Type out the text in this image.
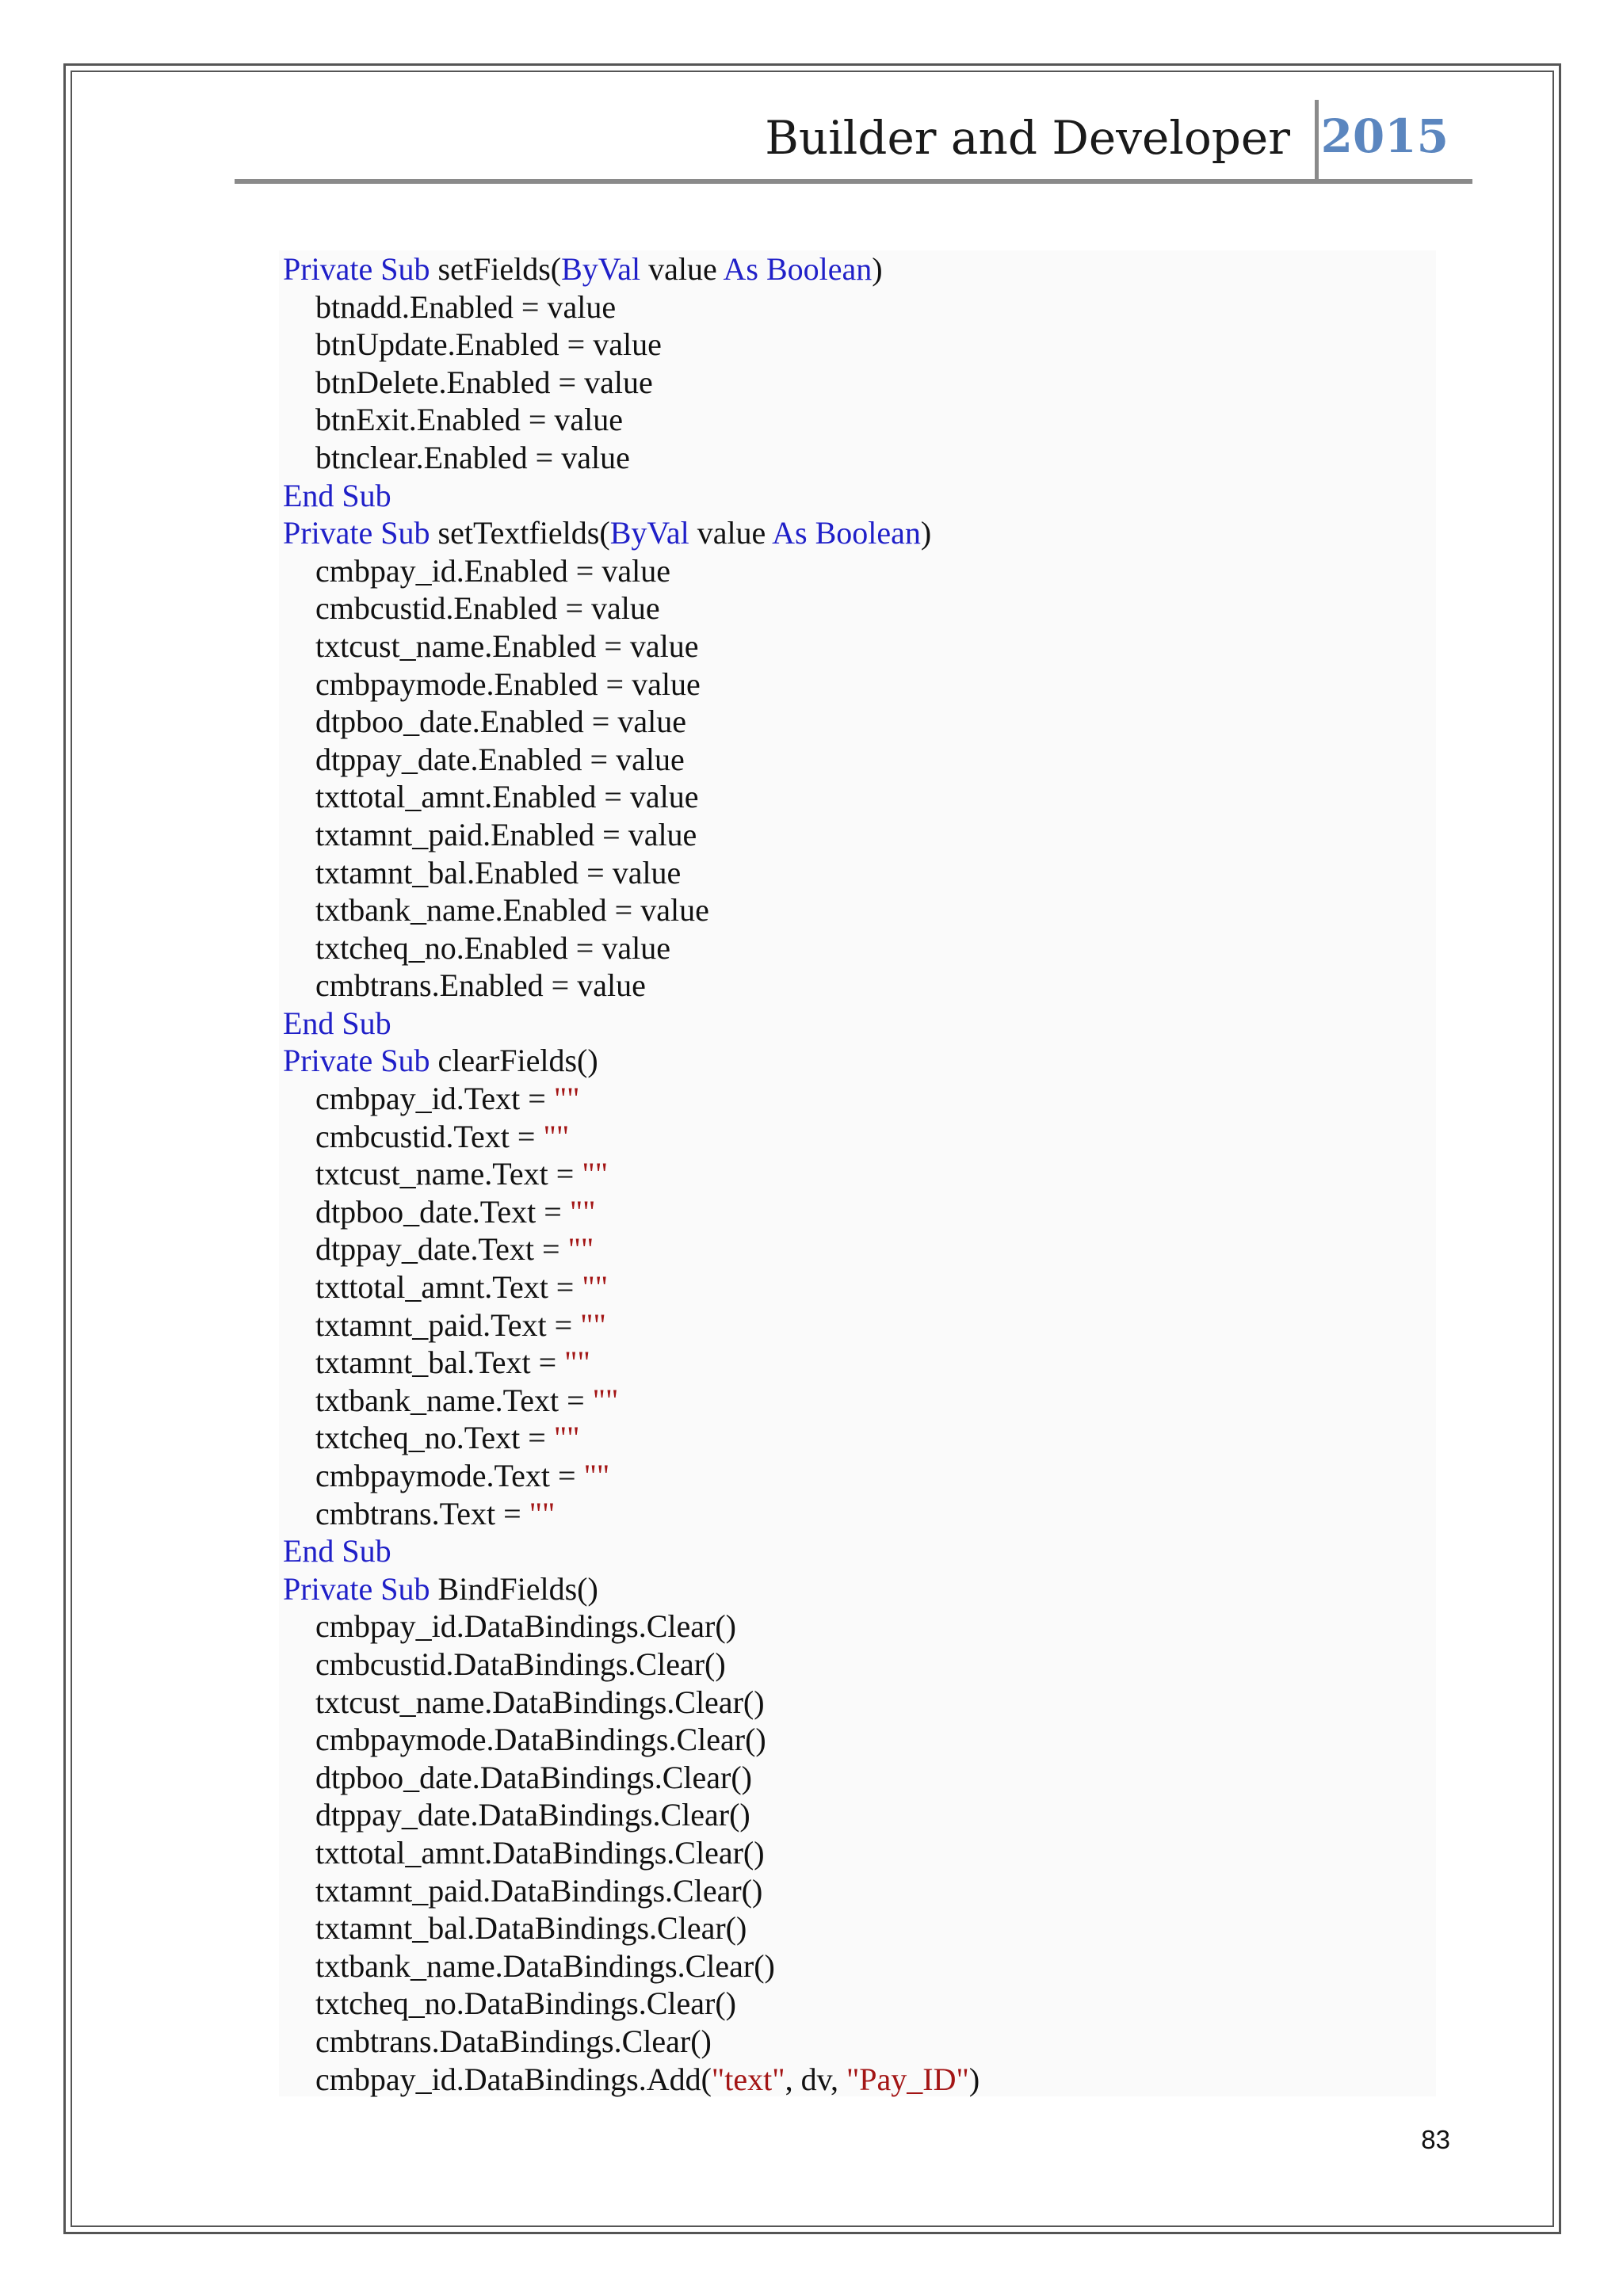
Builder and Developer 2015
Private Sub setFields(ByVal value As Boolean)
btnadd.Enabled = value
btnUpdate.Enabled = value
btnDelete.Enabled = value
btnExit.Enabled = value
btnclear.Enabled = value
End Sub
Private Sub setTextfields(ByVal value As Boolean)
cmbpay_id.Enabled = value
cmbcustid.Enabled = value
txtcust_name.Enabled = value
cmbpaymode.Enabled = value
dtpboo_date.Enabled = value
dtppay_date.Enabled = value
txttotal_amnt.Enabled = value
txtamnt_paid.Enabled = value
txtamnt_bal.Enabled = value
txtbank_name.Enabled = value
txtcheq_no.Enabled = value
cmbtrans.Enabled = value
End Sub
Private Sub clearFields()
cmbpay_id.Text = ""
cmbcustid.Text = ""
txtcust_name.Text = ""
dtpboo_date.Text = ""
dtppay_date.Text = ""
txttotal_amnt.Text = ""
txtamnt_paid.Text = ""
txtamnt_bal.Text = ""
txtbank_name.Text = ""
txtcheq_no.Text = ""
cmbpaymode.Text = ""
cmbtrans.Text = ""
End Sub
Private Sub BindFields()
cmbpay_id.DataBindings.Clear()
cmbcustid.DataBindings.Clear()
txtcust_name.DataBindings.Clear()
cmbpaymode.DataBindings.Clear()
dtpboo_date.DataBindings.Clear()
dtppay_date.DataBindings.Clear()
txttotal_amnt.DataBindings.Clear()
txtamnt_paid.DataBindings.Clear()
txtamnt_bal.DataBindings.Clear()
txtbank_name.DataBindings.Clear()
txtcheq_no.DataBindings.Clear()
cmbtrans.DataBindings.Clear()
cmbpay_id.DataBindings.Add("text", dv, "Pay_ID")
83
